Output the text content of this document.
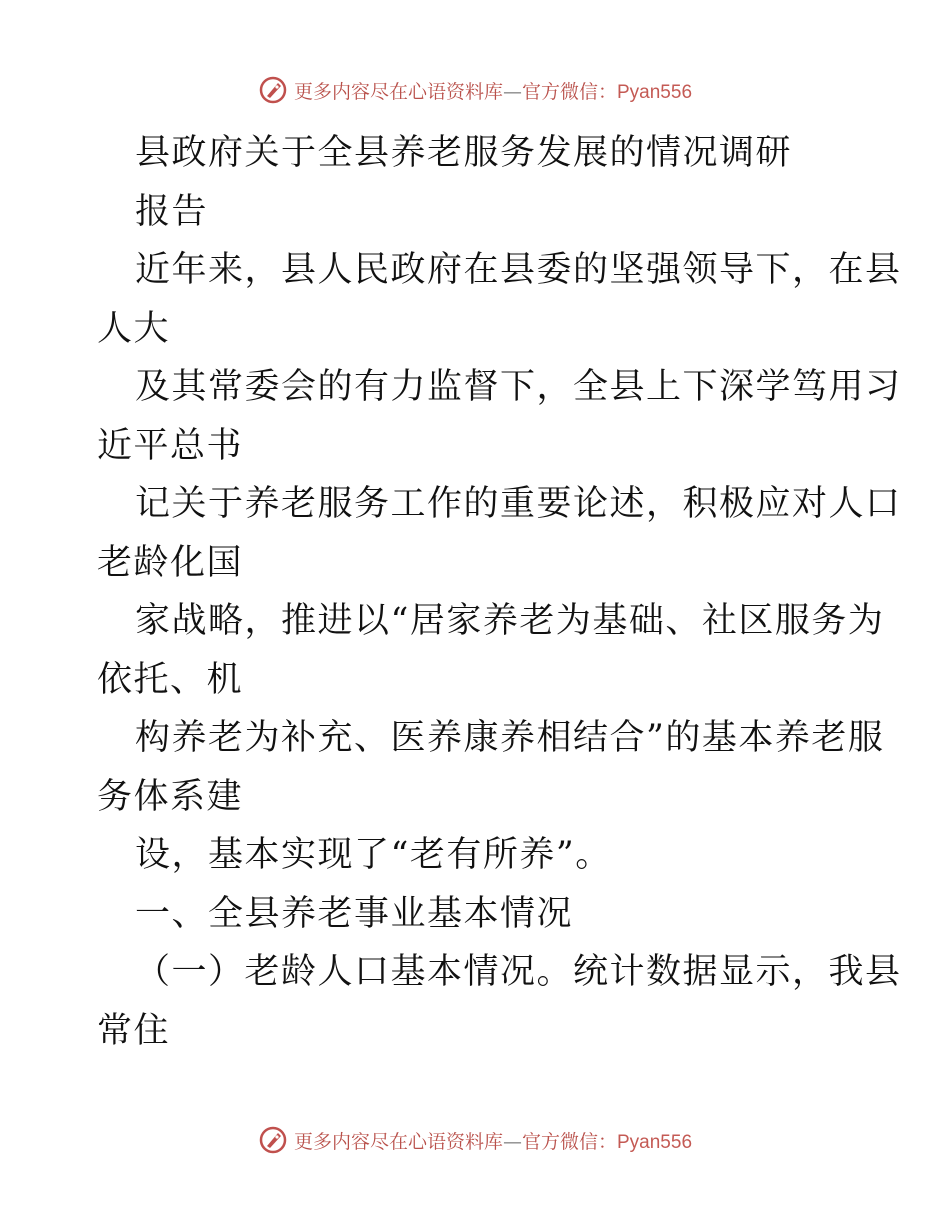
更多内容尽在心语资料库—官方微信：Pyan556
县政府关于全县养老服务发展的情况调研
报告
近年来，县人民政府在县委的坚强领导下，在县
人大
及其常委会的有力监督下，全县上下深学笃用习
近平总书
记关于养老服务工作的重要论述，积极应对人口
老龄化国
家战略，推进以“居家养老为基础、社区服务为
依托、机
构养老为补充、医养康养相结合”的基本养老服
务体系建
设，基本实现了“老有所养”。
一、全县养老事业基本情况
（一）老龄人口基本情况。统计数据显示，我县
常住
更多内容尽在心语资料库—官方微信：Pyan556
